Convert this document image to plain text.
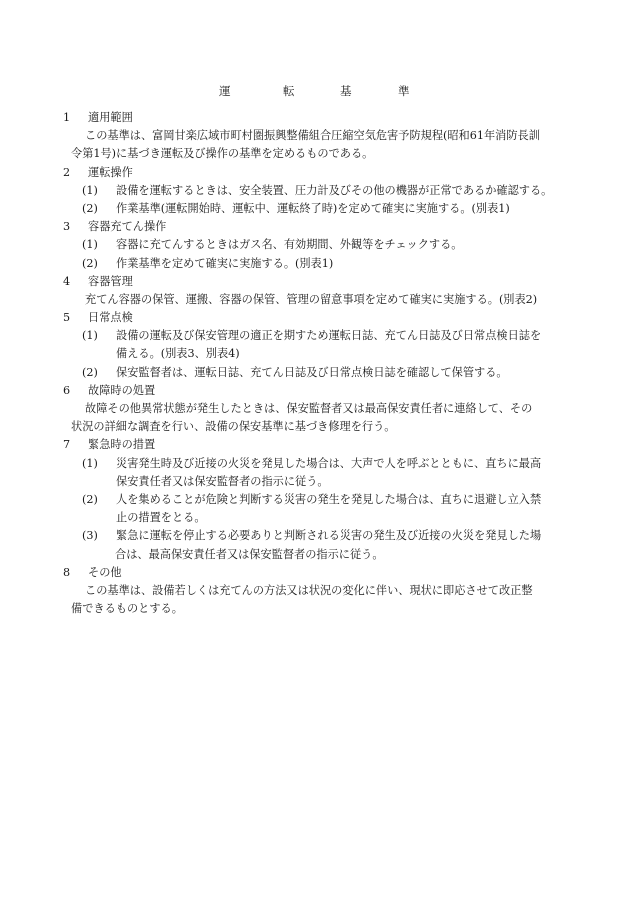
運	転	基	準
1 適用範囲
この基準は、富岡甘楽広域市町村圏振興整備組合圧縮空気危害予防規程(昭和61年消防長訓
令第1号)に基づき運転及び操作の基準を定めるものである。
2 運転操作
(1) 設備を運転するときは、安全装置、圧力計及びその他の機器が正常であるか確認する。
(2) 作業基準(運転開始時、運転中、運転終了時)を定めて確実に実施する。(別表1)
3 容器充てん操作
(1) 容器に充てんするときはガス名、有効期間、外観等をチェックする。
(2) 作業基準を定めて確実に実施する。(別表1)
4 容器管理
充てん容器の保管、運搬、容器の保管、管理の留意事項を定めて確実に実施する。(別表2)
5 日常点検
(1) 設備の運転及び保安管理の適正を期すため運転日誌、充てん日誌及び日常点検日誌を
備える。(別表3、別表4)
(2) 保安監督者は、運転日誌、充てん日誌及び日常点検日誌を確認して保管する。
6 故障時の処置
故障その他異常状態が発生したときは、保安監督者又は最高保安責任者に連絡して、その
状況の詳細な調査を行い、設備の保安基準に基づき修理を行う。
7 緊急時の措置
(1) 災害発生時及び近接の火災を発見した場合は、大声で人を呼ぶとともに、直ちに最高
保安責任者又は保安監督者の指示に従う。
(2) 人を集めることが危険と判断する災害の発生を発見した場合は、直ちに退避し立入禁
止の措置をとる。
(3) 緊急に運転を停止する必要ありと判断される災害の発生及び近接の火災を発見した場
合は、最高保安責任者又は保安監督者の指示に従う。
8 その他
この基準は、設備若しくは充てんの方法又は状況の変化に伴い、現状に即応させて改正整
備できるものとする。
